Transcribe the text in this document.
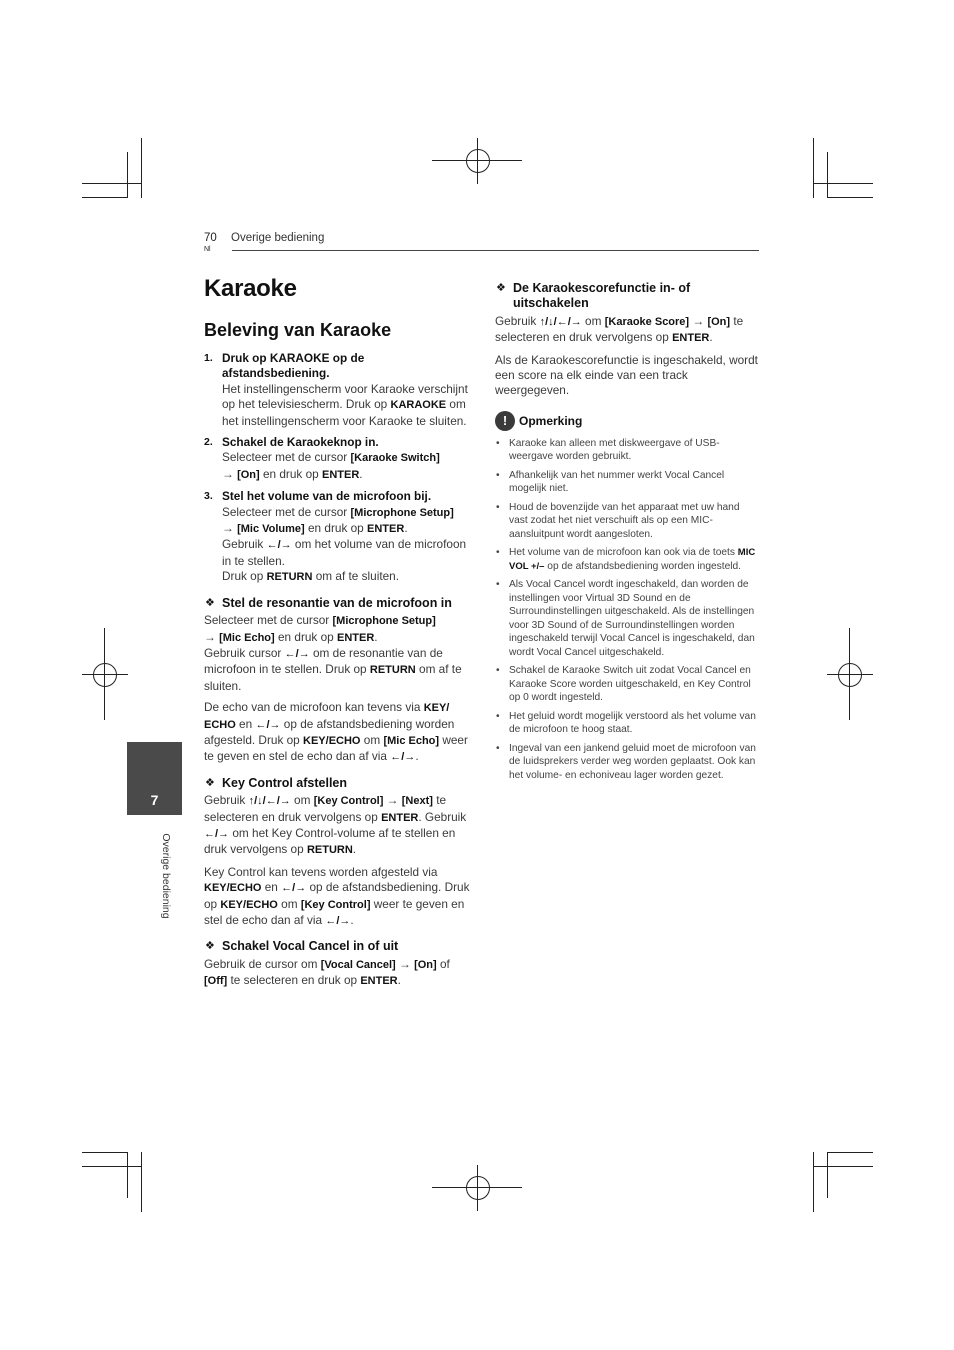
70
Nl
Overige bediening
Karaoke
Beleving van Karaoke
1. Druk op KARAOKE op de afstandsbediening.
Het instellingenscherm voor Karaoke verschijnt op het televisiescherm. Druk op KARAOKE om het instellingenscherm voor Karaoke te sluiten.
2. Schakel de Karaokeknop in.
Selecteer met de cursor [Karaoke Switch]
→ [On] en druk op ENTER.
3. Stel het volume van de microfoon bij.
Selecteer met de cursor [Microphone Setup]
→ [Mic Volume] en druk op ENTER.
Gebruik ←/→ om het volume van de microfoon in te stellen.
Druk op RETURN om af te sluiten.
❖ Stel de resonantie van de microfoon in

Selecteer met de cursor [Microphone Setup]
→ [Mic Echo] en druk op ENTER.
Gebruik cursor ←/→ om de resonantie van de microfoon in te stellen. Druk op RETURN om af te sluiten.

De echo van de microfoon kan tevens via KEY/ ECHO en ←/→ op de afstandsbediening worden afgesteld. Druk op KEY/ECHO om [Mic Echo] weer te geven en stel de echo dan af via ←/→.

❖ Key Control afstellen

Gebruik ↑/↓/←/→ om [Key Control] → [Next] te selecteren en druk vervolgens op ENTER. Gebruik ←/→ om het Key Control-volume af te stellen en druk vervolgens op RETURN.

Key Control kan tevens worden afgesteld via KEY/ECHO en ←/→ op de afstandsbediening. Druk op KEY/ECHO om [Key Control] weer te geven en stel de echo dan af via ←/→.

❖ Schakel Vocal Cancel in of uit

Gebruik de cursor om [Vocal Cancel] → [On] of [Off] te selecteren en druk op ENTER.

❖ De Karaokescorefunctie in- of uitschakelen

Gebruik ↑/↓/←/→ om [Karaoke Score] → [On] te selecteren en druk vervolgens op ENTER.

Als de Karaokescorefunctie is ingeschakeld, wordt een score na elk einde van een track weergegeven.

! Opmerking
• Karaoke kan alleen met diskweergave of USB-weergave worden gebruikt.
• Afhankelijk van het nummer werkt Vocal Cancel mogelijk niet.
• Houd de bovenzijde van het apparaat met uw hand vast zodat het niet verschuift als op een MIC-aansluitpunt wordt aangesloten.
• Het volume van de microfoon kan ook via de toets MIC VOL +/– op de afstandsbediening worden ingesteld.
• Als Vocal Cancel wordt ingeschakeld, dan worden de instellingen voor Virtual 3D Sound en de Surroundinstellingen uitgeschakeld. Als de instellingen voor 3D Sound of de Surroundinstellingen worden ingeschakeld terwijl Vocal Cancel is ingeschakeld, dan wordt Vocal Cancel uitgeschakeld.
• Schakel de Karaoke Switch uit zodat Vocal Cancel en Karaoke Score worden uitgeschakeld, en Key Control op 0 wordt ingesteld.
• Het geluid wordt mogelijk verstoord als het volume van de microfoon te hoog staat.
• Ingeval van een jankend geluid moet de microfoon van de luidsprekers verder weg worden geplaatst. Ook kan het volume- en echoniveau lager worden gezet.
7
Overige bediening
